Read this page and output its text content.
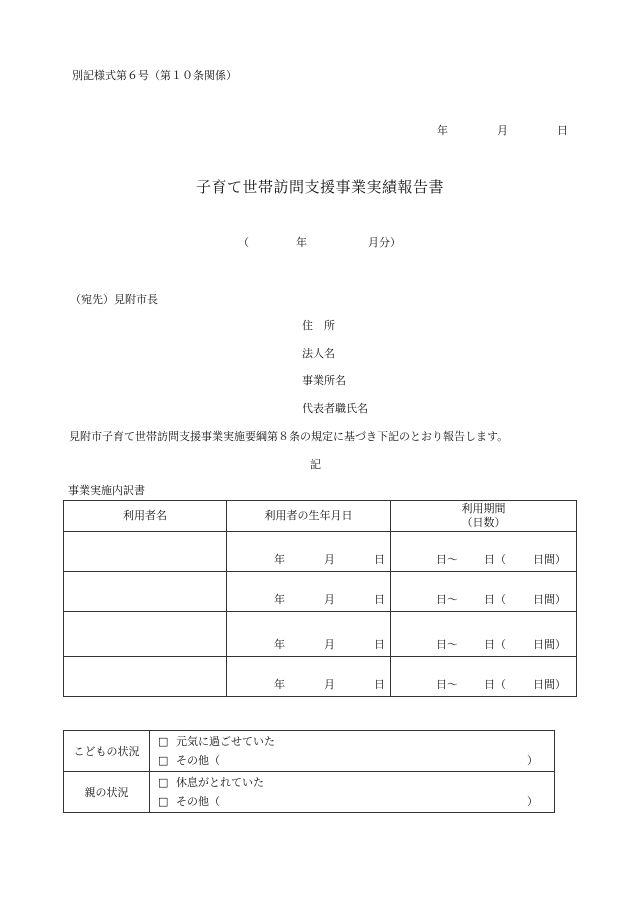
別記様式第６号（第１０条関係）
年	月	日
子育て世帯訪問支援事業実績報告書
（	年	月分）
（宛先）見附市長
住　所
法人名
事業所名
代表者職氏名
見附市子育て世帯訪問支援事業実施要綱第８条の規定に基づき下記のとおり報告します。
記
事業実施内訳書
利用者名	利用者の生年月日	利用期間
（日数）

	年 月 日	日〜 日（ 日間）

	年 月 日	日〜 日（ 日間）

	年 月 日	日〜 日（ 日間）

	年 月 日	日〜 日（ 日間）
こどもの状況	□ 元気に過ごせていた
□ その他（ ）

親の状況	□ 休息がとれていた
□ その他（ ）
